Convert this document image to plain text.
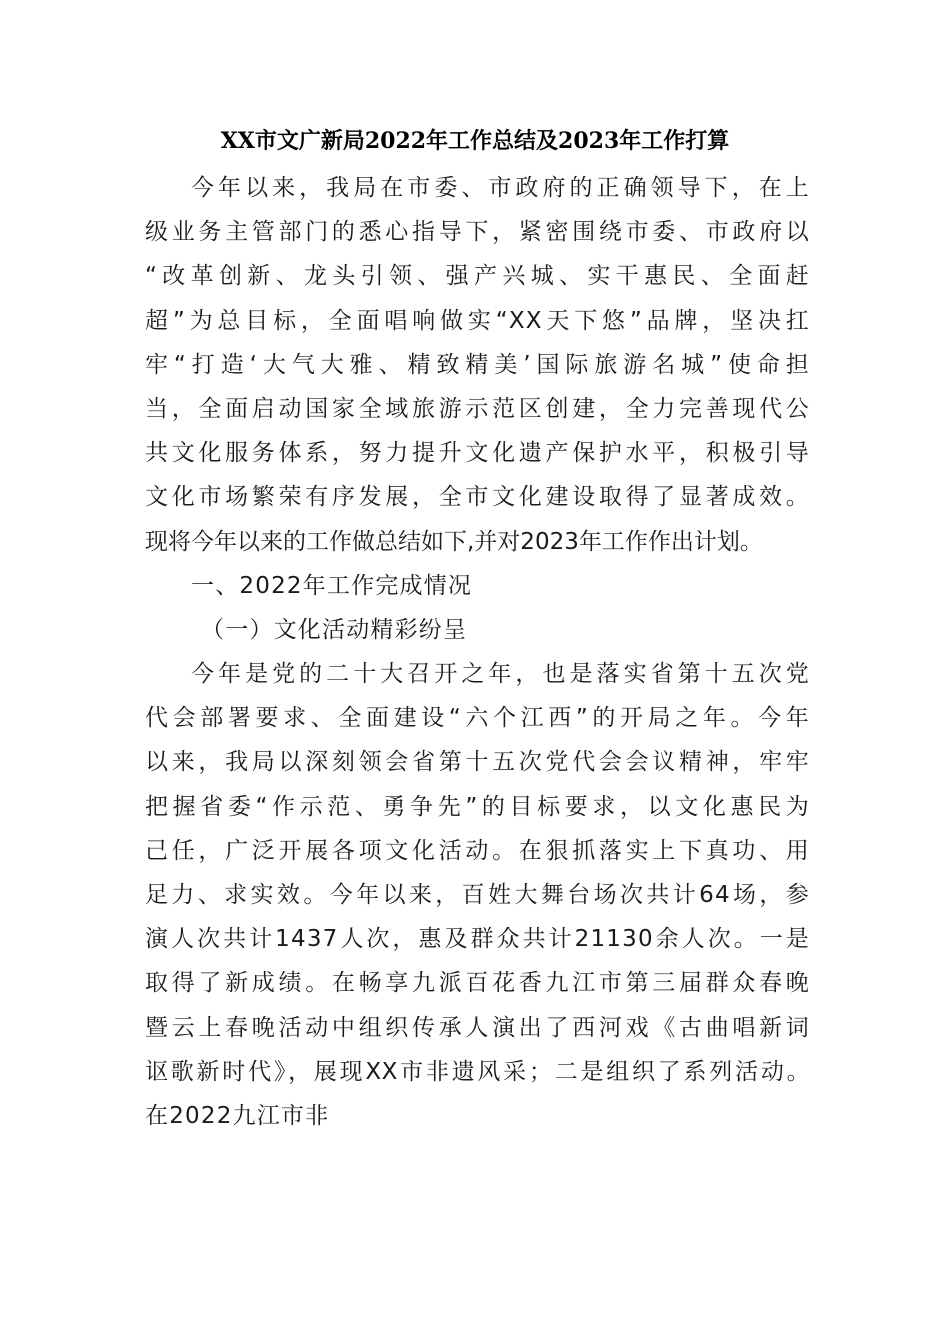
XX市文广新局2022年工作总结及2023年工作打算
今年以来，我局在市委、市政府的正确领导下，在上
级业务主管部门的悉心指导下，紧密围绕市委、市政府以
“改革创新、龙头引领、强产兴城、实干惠民、全面赶
超”为总目标，全面唱响做实“XX天下悠”品牌，坚决扛
牢“打造‘大气大雅、精致精美’国际旅游名城”使命担
当，全面启动国家全域旅游示范区创建，全力完善现代公
共文化服务体系，努力提升文化遗产保护水平，积极引导
文化市场繁荣有序发展，全市文化建设取得了显著成效。
现将今年以来的工作做总结如下,并对2023年工作作出计划。
一、2022年工作完成情况
（一）文化活动精彩纷呈
今年是党的二十大召开之年，也是落实省第十五次党
代会部署要求、全面建设“六个江西”的开局之年。今年
以来，我局以深刻领会省第十五次党代会会议精神，牢牢
把握省委“作示范、勇争先”的目标要求，以文化惠民为
己任，广泛开展各项文化活动。在狠抓落实上下真功、用
足力、求实效。今年以来，百姓大舞台场次共计64场，参
演人次共计1437人次，惠及群众共计21130余人次。一是
取得了新成绩。在畅享九派百花香九江市第三届群众春晚
暨云上春晚活动中组织传承人演出了西河戏《古曲唱新词
讴歌新时代》，展现XX市非遗风采；二是组织了系列活动。
在2022九江市非
